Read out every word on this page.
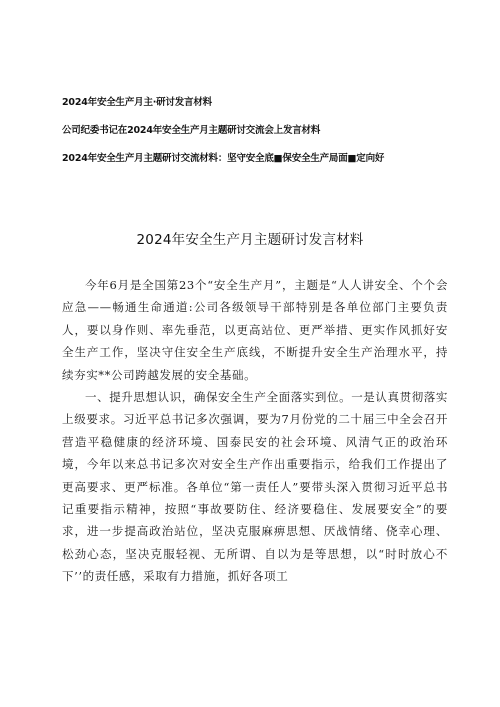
2024年安全生产月主·研讨发言材料
公司纪委书记在2024年安全生产月主题研讨交流会上发言材料
2024年安全生产月主题研讨交流材料：坚守安全底■保安全生产局面■定向好
2024年安全生产月主题研讨发言材料

今年6月是全国第23个“安全生产月”，主题是“人人讲安全、个个会应急——畅通生命通道:公司各级领导干部特别是各单位部门主要负责人，要以身作则、率先垂范，以更高站位、更严举措、更实作风抓好安全生产工作，坚决守住安全生产底线，不断提升安全生产治理水平，持续夯实**公司跨越发展的安全基础。

一、提升思想认识，确保安全生产全面落实到位。一是认真贯彻落实上级要求。习近平总书记多次强调，要为7月份党的二十届三中全会召开营造平稳健康的经济环境、国泰民安的社会环境、风清气正的政治环境，今年以来总书记多次对安全生产作出重要指示，给我们工作提出了更高要求、更严标准。各单位“第一责任人”要带头深入贯彻习近平总书记重要指示精神，按照“事故要防住、经济要稳住、发展要安全”的要求，进一步提高政治站位，坚决克服麻痹思想、厌战情绪、侥幸心理、松劲心态，坚决克服轻视、无所谓、自以为是等思想，以“时时放心不下’’的责任感，采取有力措施，抓好各项工
